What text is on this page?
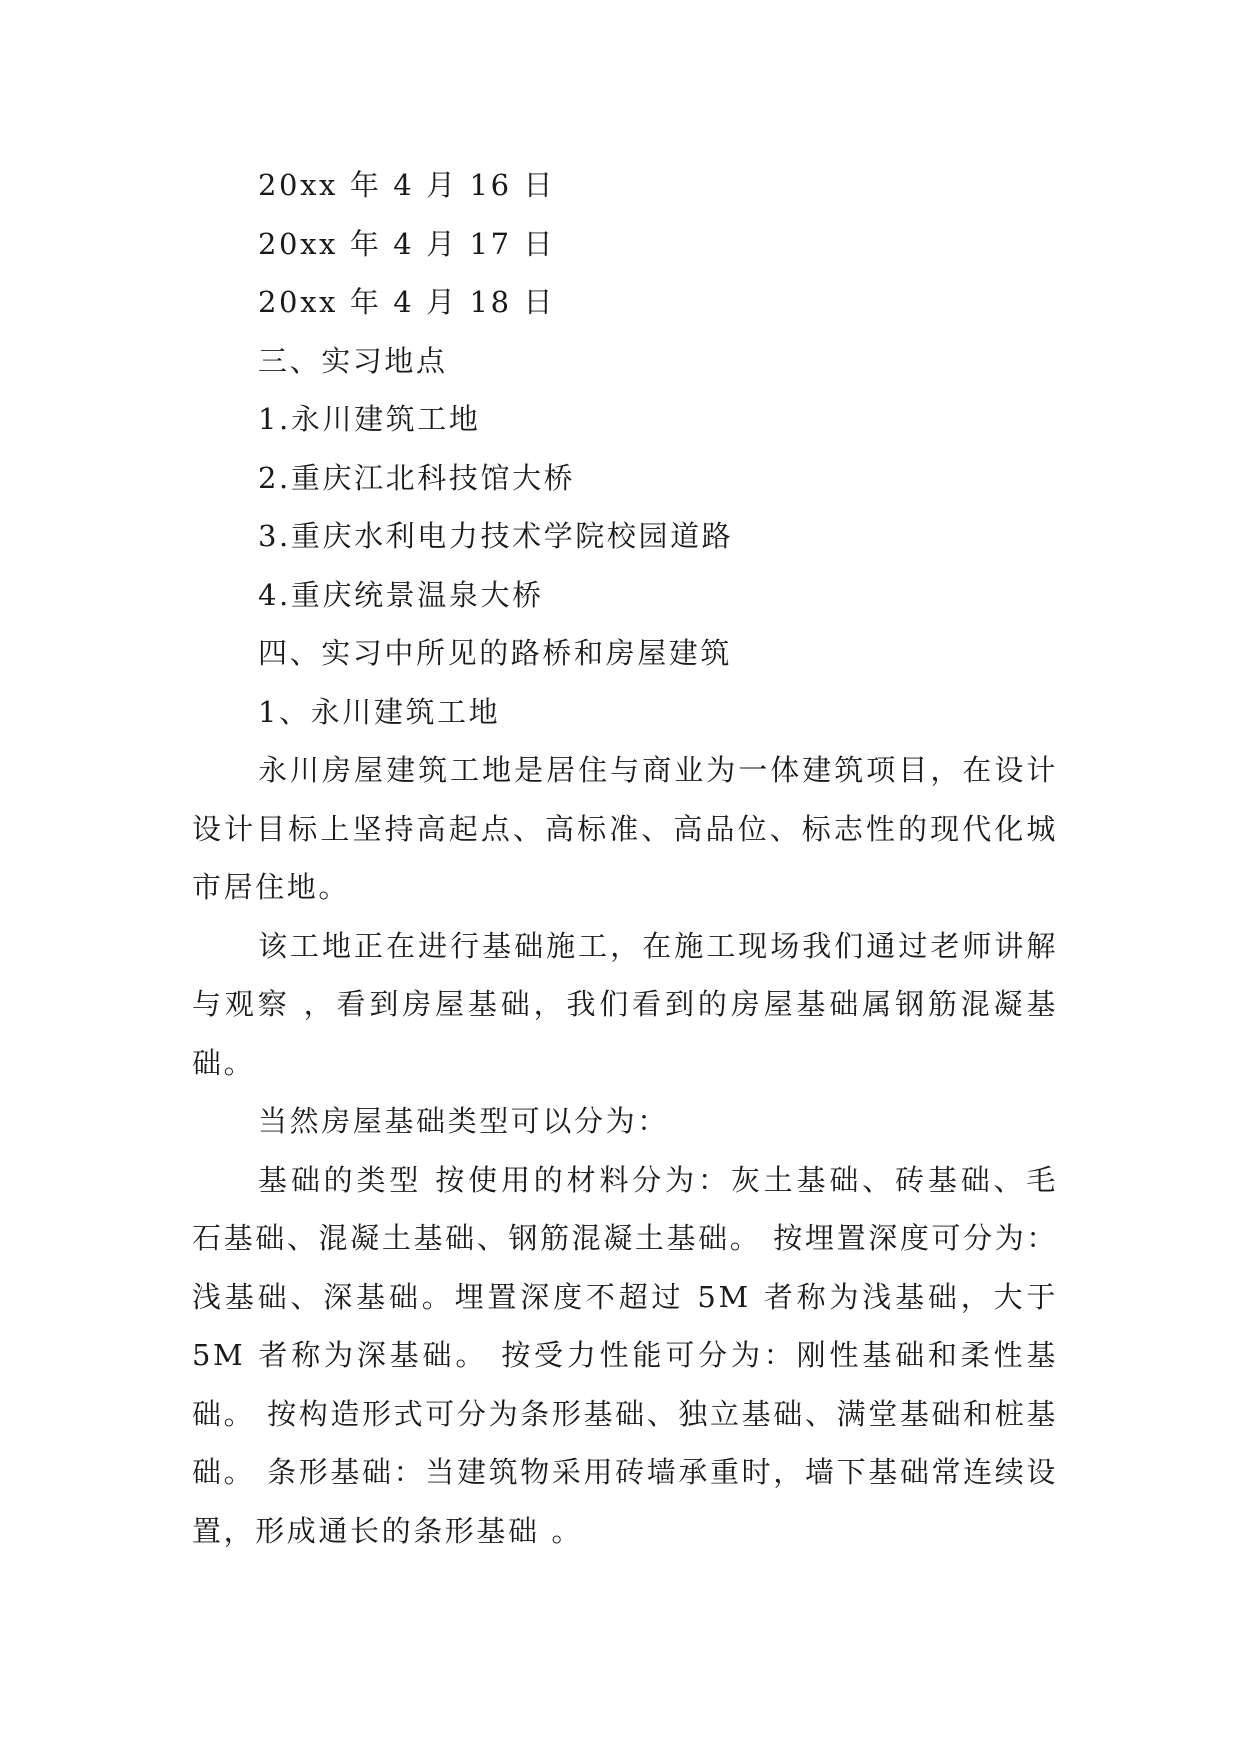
20xx 年 4 月 16 日

20xx 年 4 月 17 日

20xx 年 4 月 18 日

三、实习地点

1.永川建筑工地

2.重庆江北科技馆大桥

3.重庆水利电力技术学院校园道路

4.重庆统景温泉大桥

四、实习中所见的路桥和房屋建筑

1、永川建筑工地

永川房屋建筑工地是居住与商业为一体建筑项目，在设计设计目标上坚持高起点、高标准、高品位、标志性的现代化城市居住地。

该工地正在进行基础施工，在施工现场我们通过老师讲解与观察 ，看到房屋基础，我们看到的房屋基础属钢筋混凝基础。

当然房屋基础类型可以分为：

基础的类型 按使用的材料分为：灰土基础、砖基础、毛石基础、混凝土基础、钢筋混凝土基础。 按埋置深度可分为：浅基础、深基础。埋置深度不超过 5M 者称为浅基础，大于 5M 者称为深基础。 按受力性能可分为：刚性基础和柔性基础。 按构造形式可分为条形基础、独立基础、满堂基础和桩基础。 条形基础：当建筑物采用砖墙承重时，墙下基础常连续设置，形成通长的条形基础 。
